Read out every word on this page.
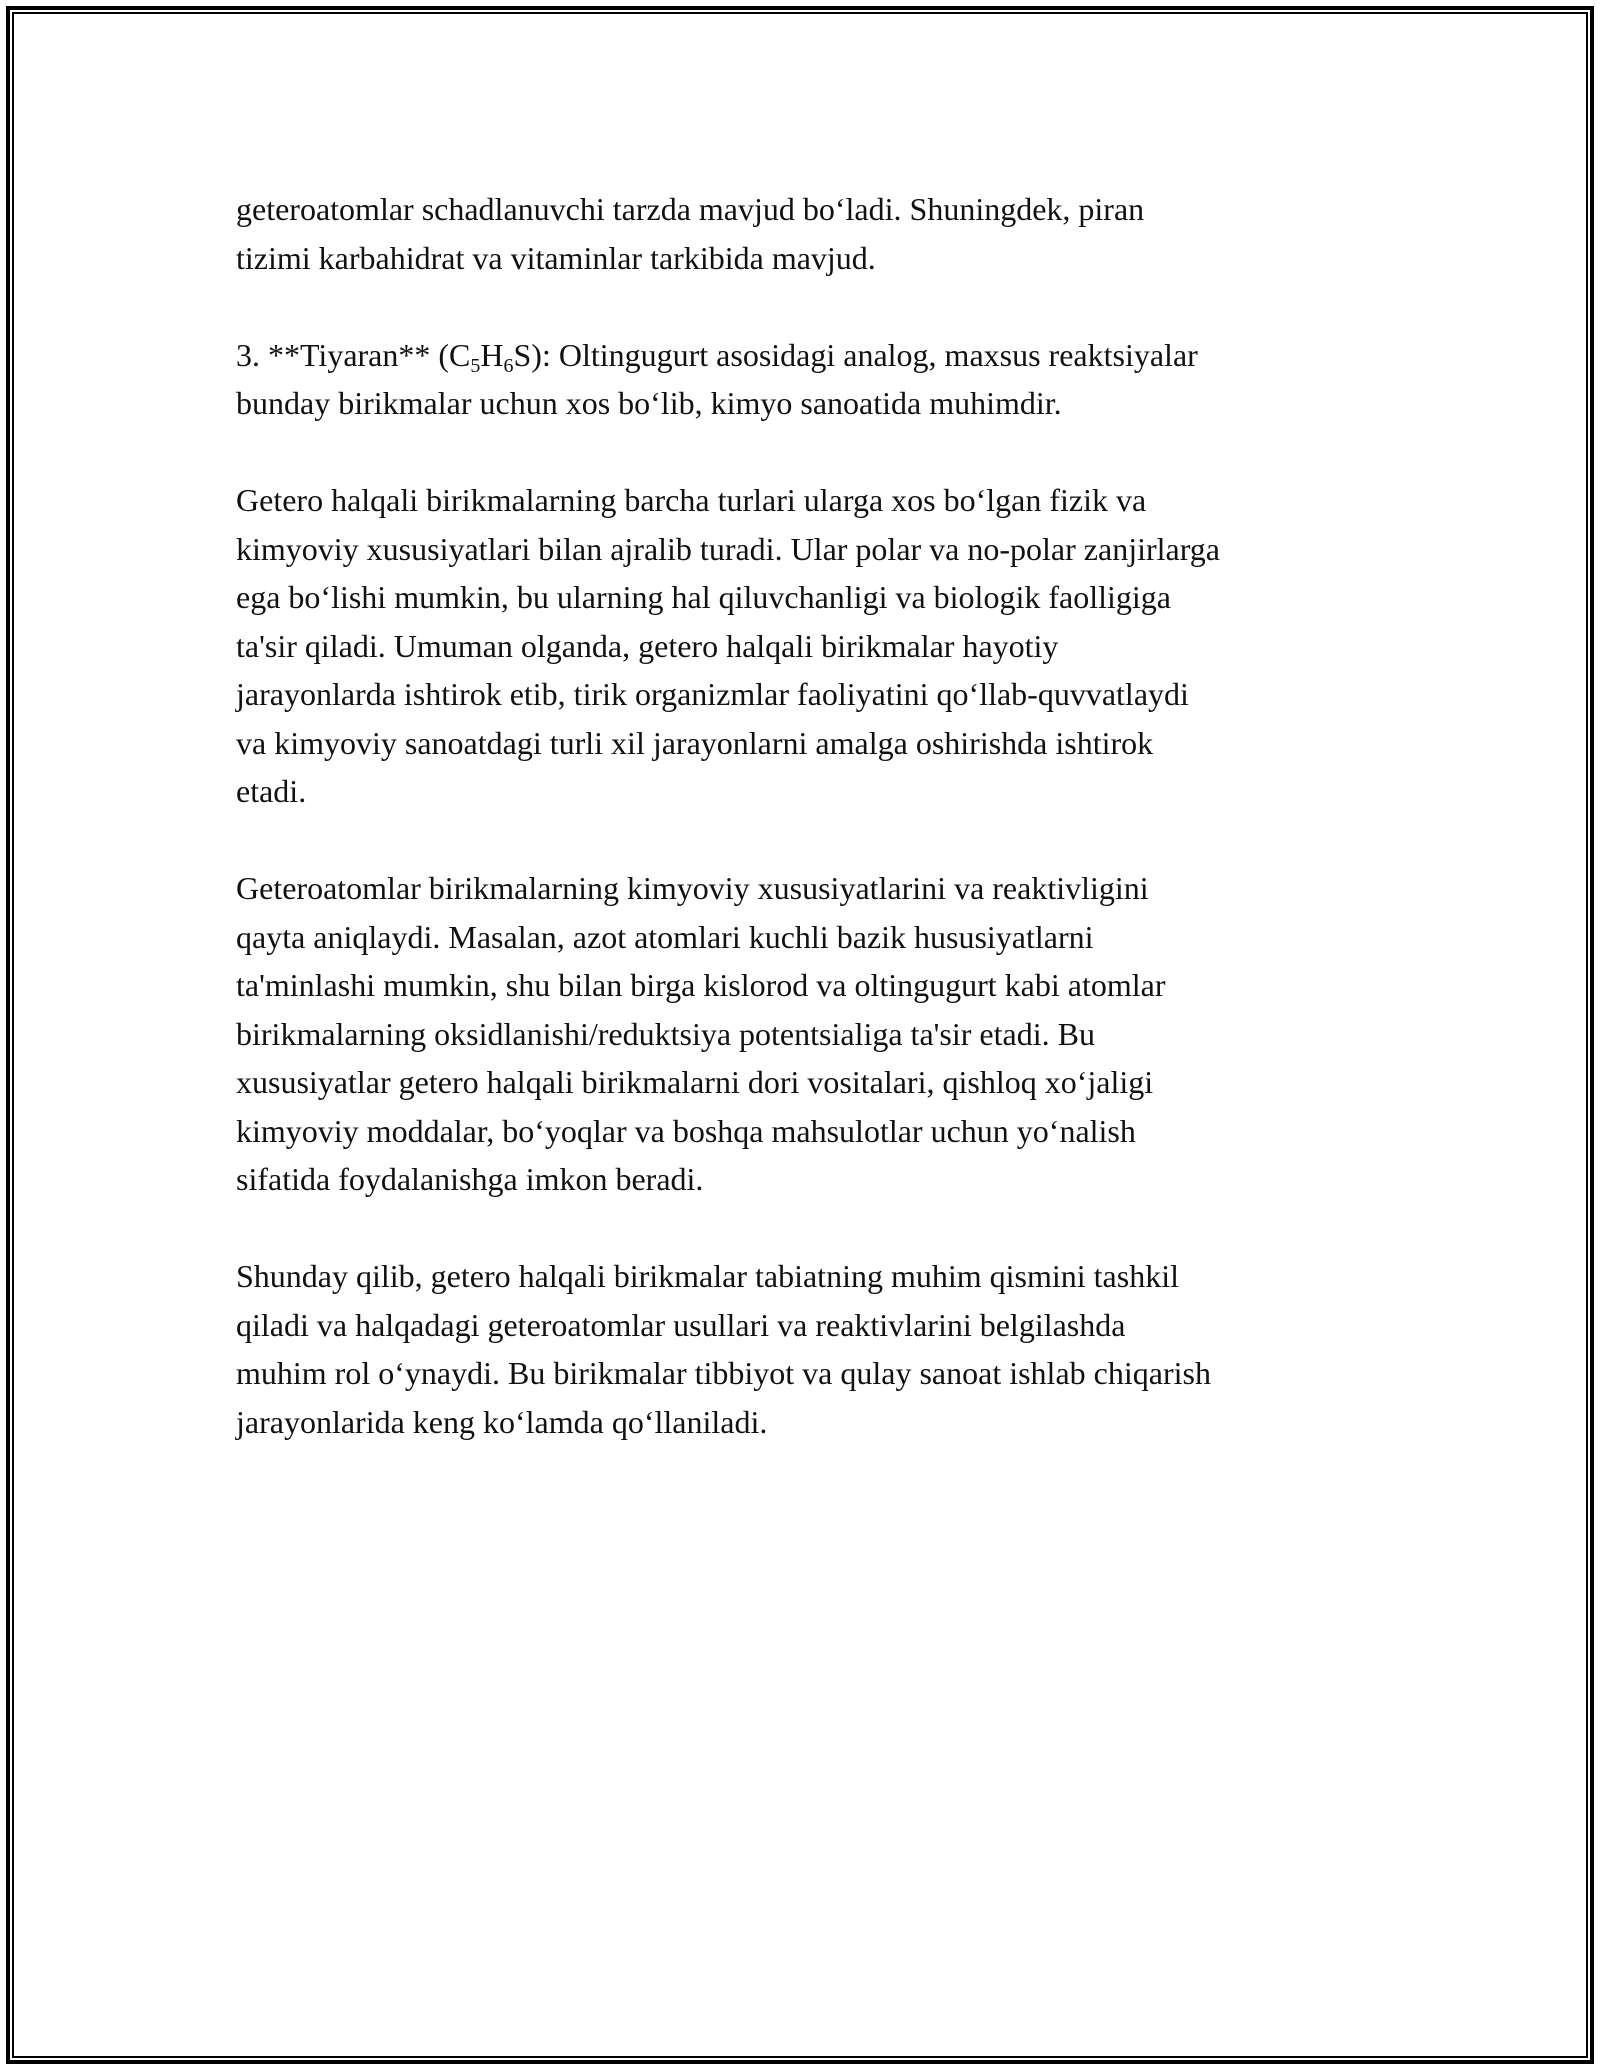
geteroatomlar schadlanuvchi tarzda mavjud bo‘ladi. Shuningdek, piran
tizimi karbahidrat va vitaminlar tarkibida mavjud.

3. **Tiyaran** $(C_5H_6S)$: Oltingugurt asosidagi analog, maxsus reaktsiyalar
bunday birikmalar uchun xos bo‘lib, kimyo sanoatida muhimdir.

Getero halqali birikmalarning barcha turlari ularga xos bo‘lgan fizik va
kimyoviy xususiyatlari bilan ajralib turadi. Ular polar va no-polar zanjirlarga
ega bo‘lishi mumkin, bu ularning hal qiluvchanligi va biologik faolligiga
ta'sir qiladi. Umuman olganda, getero halqali birikmalar hayotiy
jarayonlarda ishtirok etib, tirik organizmlar faoliyatini qo‘llab-quvvatlaydi
va kimyoviy sanoatdagi turli xil jarayonlarni amalga oshirishda ishtirok
etadi.

Geteroatomlar birikmalarning kimyoviy xususiyatlarini va reaktivligini
qayta aniqlaydi. Masalan, azot atomlari kuchli bazik hususiyatlarni
ta'minlashi mumkin, shu bilan birga kislorod va oltingugurt kabi atomlar
birikmalarning oksidlanishi/reduktsiya potentsialiga ta'sir etadi. Bu
xususiyatlar getero halqali birikmalarni dori vositalari, qishloq xo‘jaligi
kimyoviy moddalar, bo‘yoqlar va boshqa mahsulotlar uchun yo‘nalish
sifatida foydalanishga imkon beradi.

Shunday qilib, getero halqali birikmalar tabiatning muhim qismini tashkil
qiladi va halqadagi geteroatomlar usullari va reaktivlarini belgilashda
muhim rol o‘ynaydi. Bu birikmalar tibbiyot va qulay sanoat ishlab chiqarish
jarayonlarida keng ko‘lamda qo‘llaniladi.
